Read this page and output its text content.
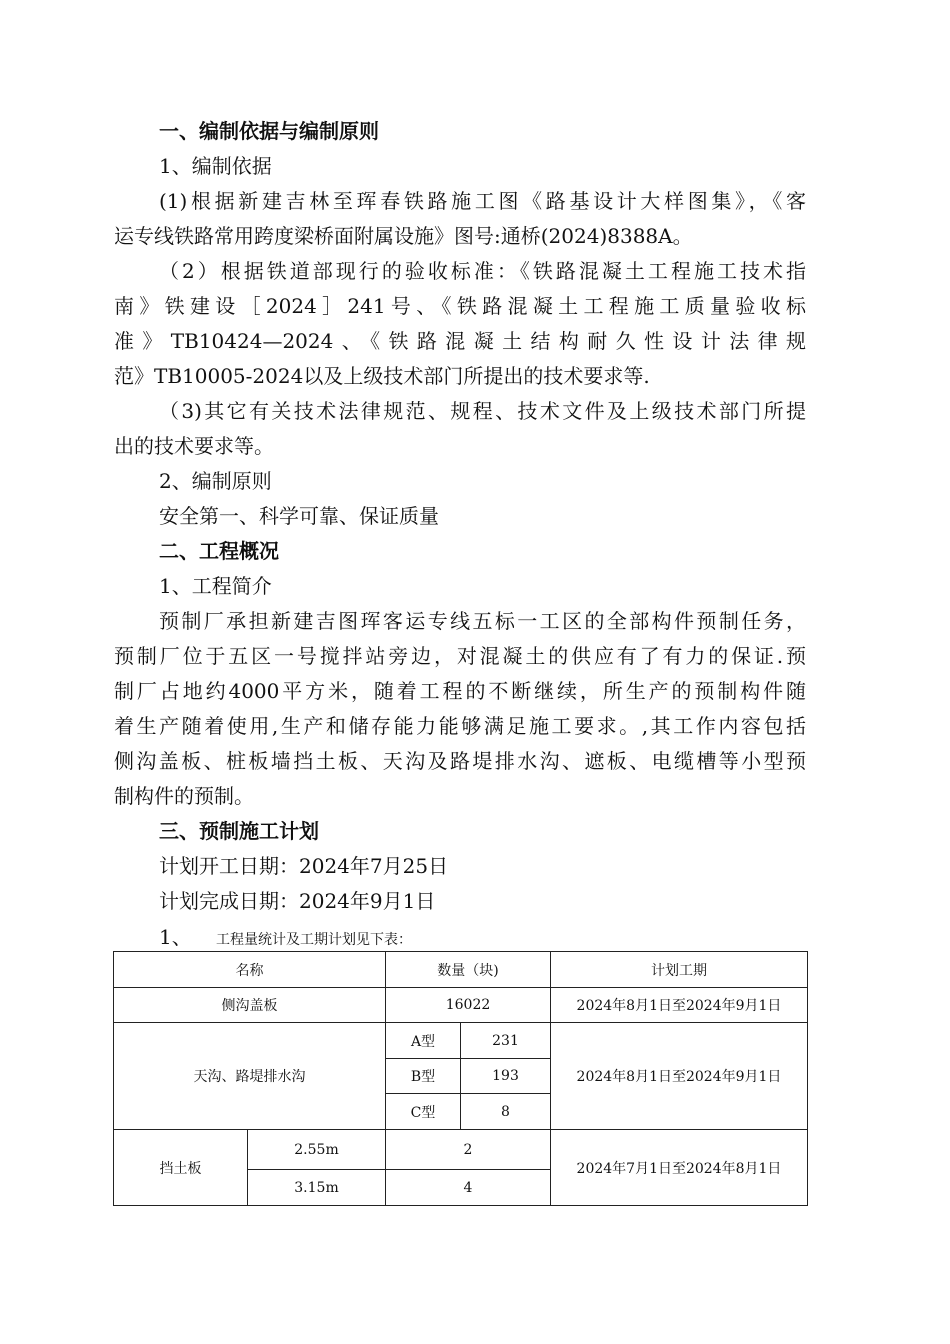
一、编制依据与编制原则
1、编制依据
(1)根据新建吉林至珲春铁路施工图《路基设计大样图集》，《客
运专线铁路常用跨度梁桥面附属设施》图号:通桥(2024)8388A。
（2）根据铁道部现行的验收标准：《铁路混凝土工程施工技术指
南》铁建设［2024］241号、《铁路混凝土工程施工质量验收标
准》TB10424—2024、《铁路混凝土结构耐久性设计法律规
范》TB10005-2024以及上级技术部门所提出的技术要求等.
（3)其它有关技术法律规范、规程、技术文件及上级技术部门所提
出的技术要求等。
2、编制原则
安全第一、科学可靠、保证质量
二、工程概况
1、工程简介
预制厂承担新建吉图珲客运专线五标一工区的全部构件预制任务，
预制厂位于五区一号搅拌站旁边，对混凝土的供应有了有力的保证.预
制厂占地约4000平方米，随着工程的不断继续，所生产的预制构件随
着生产随着使用,生产和储存能力能够满足施工要求。,其工作内容包括
侧沟盖板、桩板墙挡土板、天沟及路堤排水沟、遮板、电缆槽等小型预
制构件的预制。
三、预制施工计划
计划开工日期：2024年7月25日
计划完成日期：2024年9月1日
1、 工程量统计及工期计划见下表：
名称		数量（块)		计划工期
侧沟盖板		16022		2024年8月1日至2024年9月1日
天沟、路堤排水沟		A型	231	2024年8月1日至2024年9月1日
		B型	193	
		C型	8	
挡土板	2.55m	2		2024年7月1日至2024年8月1日
	3.15m	4		
